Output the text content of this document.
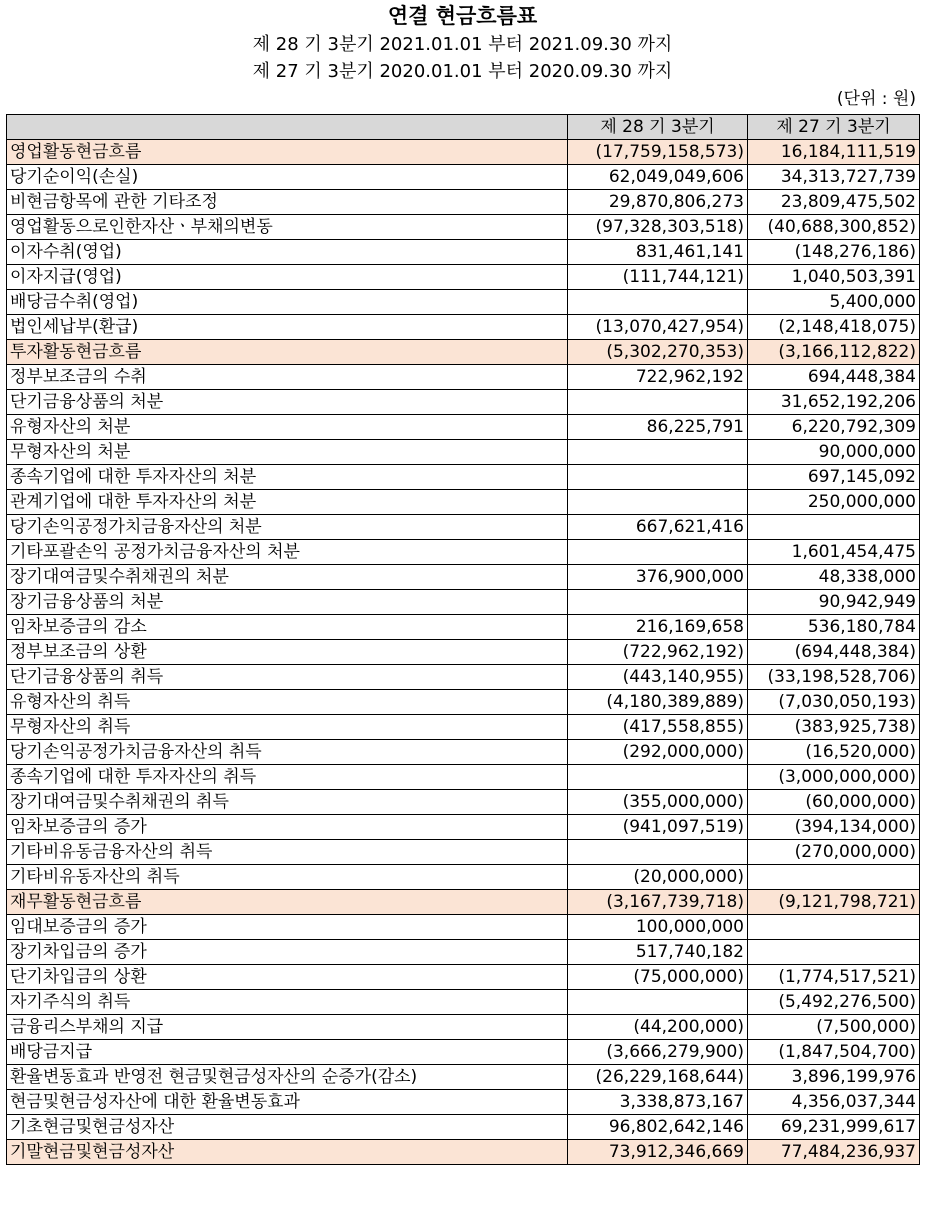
연결 현금흐름표
제 28 기 3분기 2021.01.01 부터 2021.09.30 까지
제 27 기 3분기 2020.01.01 부터 2020.09.30 까지
(단위 : 원)
	제 28 기 3분기	제 27 기 3분기
영업활동현금흐름	(17,759,158,573)	16,184,111,519
당기순이익(손실)	62,049,049,606	34,313,727,739
비현금항목에 관한 기타조정	29,870,806,273	23,809,475,502
영업활동으로인한자산ㆍ부채의변동	(97,328,303,518)	(40,688,300,852)
이자수취(영업)	831,461,141	(148,276,186)
이자지급(영업)	(111,744,121)	1,040,503,391
배당금수취(영업)		5,400,000
법인세납부(환급)	(13,070,427,954)	(2,148,418,075)
투자활동현금흐름	(5,302,270,353)	(3,166,112,822)
정부보조금의 수취	722,962,192	694,448,384
단기금융상품의 처분		31,652,192,206
유형자산의 처분	86,225,791	6,220,792,309
무형자산의 처분		90,000,000
종속기업에 대한 투자자산의 처분		697,145,092
관계기업에 대한 투자자산의 처분		250,000,000
당기손익공정가치금융자산의 처분	667,621,416	
기타포괄손익 공정가치금융자산의 처분		1,601,454,475
장기대여금및수취채권의 처분	376,900,000	48,338,000
장기금융상품의 처분		90,942,949
임차보증금의 감소	216,169,658	536,180,784
정부보조금의 상환	(722,962,192)	(694,448,384)
단기금융상품의 취득	(443,140,955)	(33,198,528,706)
유형자산의 취득	(4,180,389,889)	(7,030,050,193)
무형자산의 취득	(417,558,855)	(383,925,738)
당기손익공정가치금융자산의 취득	(292,000,000)	(16,520,000)
종속기업에 대한 투자자산의 취득		(3,000,000,000)
장기대여금및수취채권의 취득	(355,000,000)	(60,000,000)
임차보증금의 증가	(941,097,519)	(394,134,000)
기타비유동금융자산의 취득		(270,000,000)
기타비유동자산의 취득	(20,000,000)	
재무활동현금흐름	(3,167,739,718)	(9,121,798,721)
임대보증금의 증가	100,000,000	
장기차입금의 증가	517,740,182	
단기차입금의 상환	(75,000,000)	(1,774,517,521)
자기주식의 취득		(5,492,276,500)
금융리스부채의 지급	(44,200,000)	(7,500,000)
배당금지급	(3,666,279,900)	(1,847,504,700)
환율변동효과 반영전 현금및현금성자산의 순증가(감소)	(26,229,168,644)	3,896,199,976
현금및현금성자산에 대한 환율변동효과	3,338,873,167	4,356,037,344
기초현금및현금성자산	96,802,642,146	69,231,999,617
기말현금및현금성자산	73,912,346,669	77,484,236,937
